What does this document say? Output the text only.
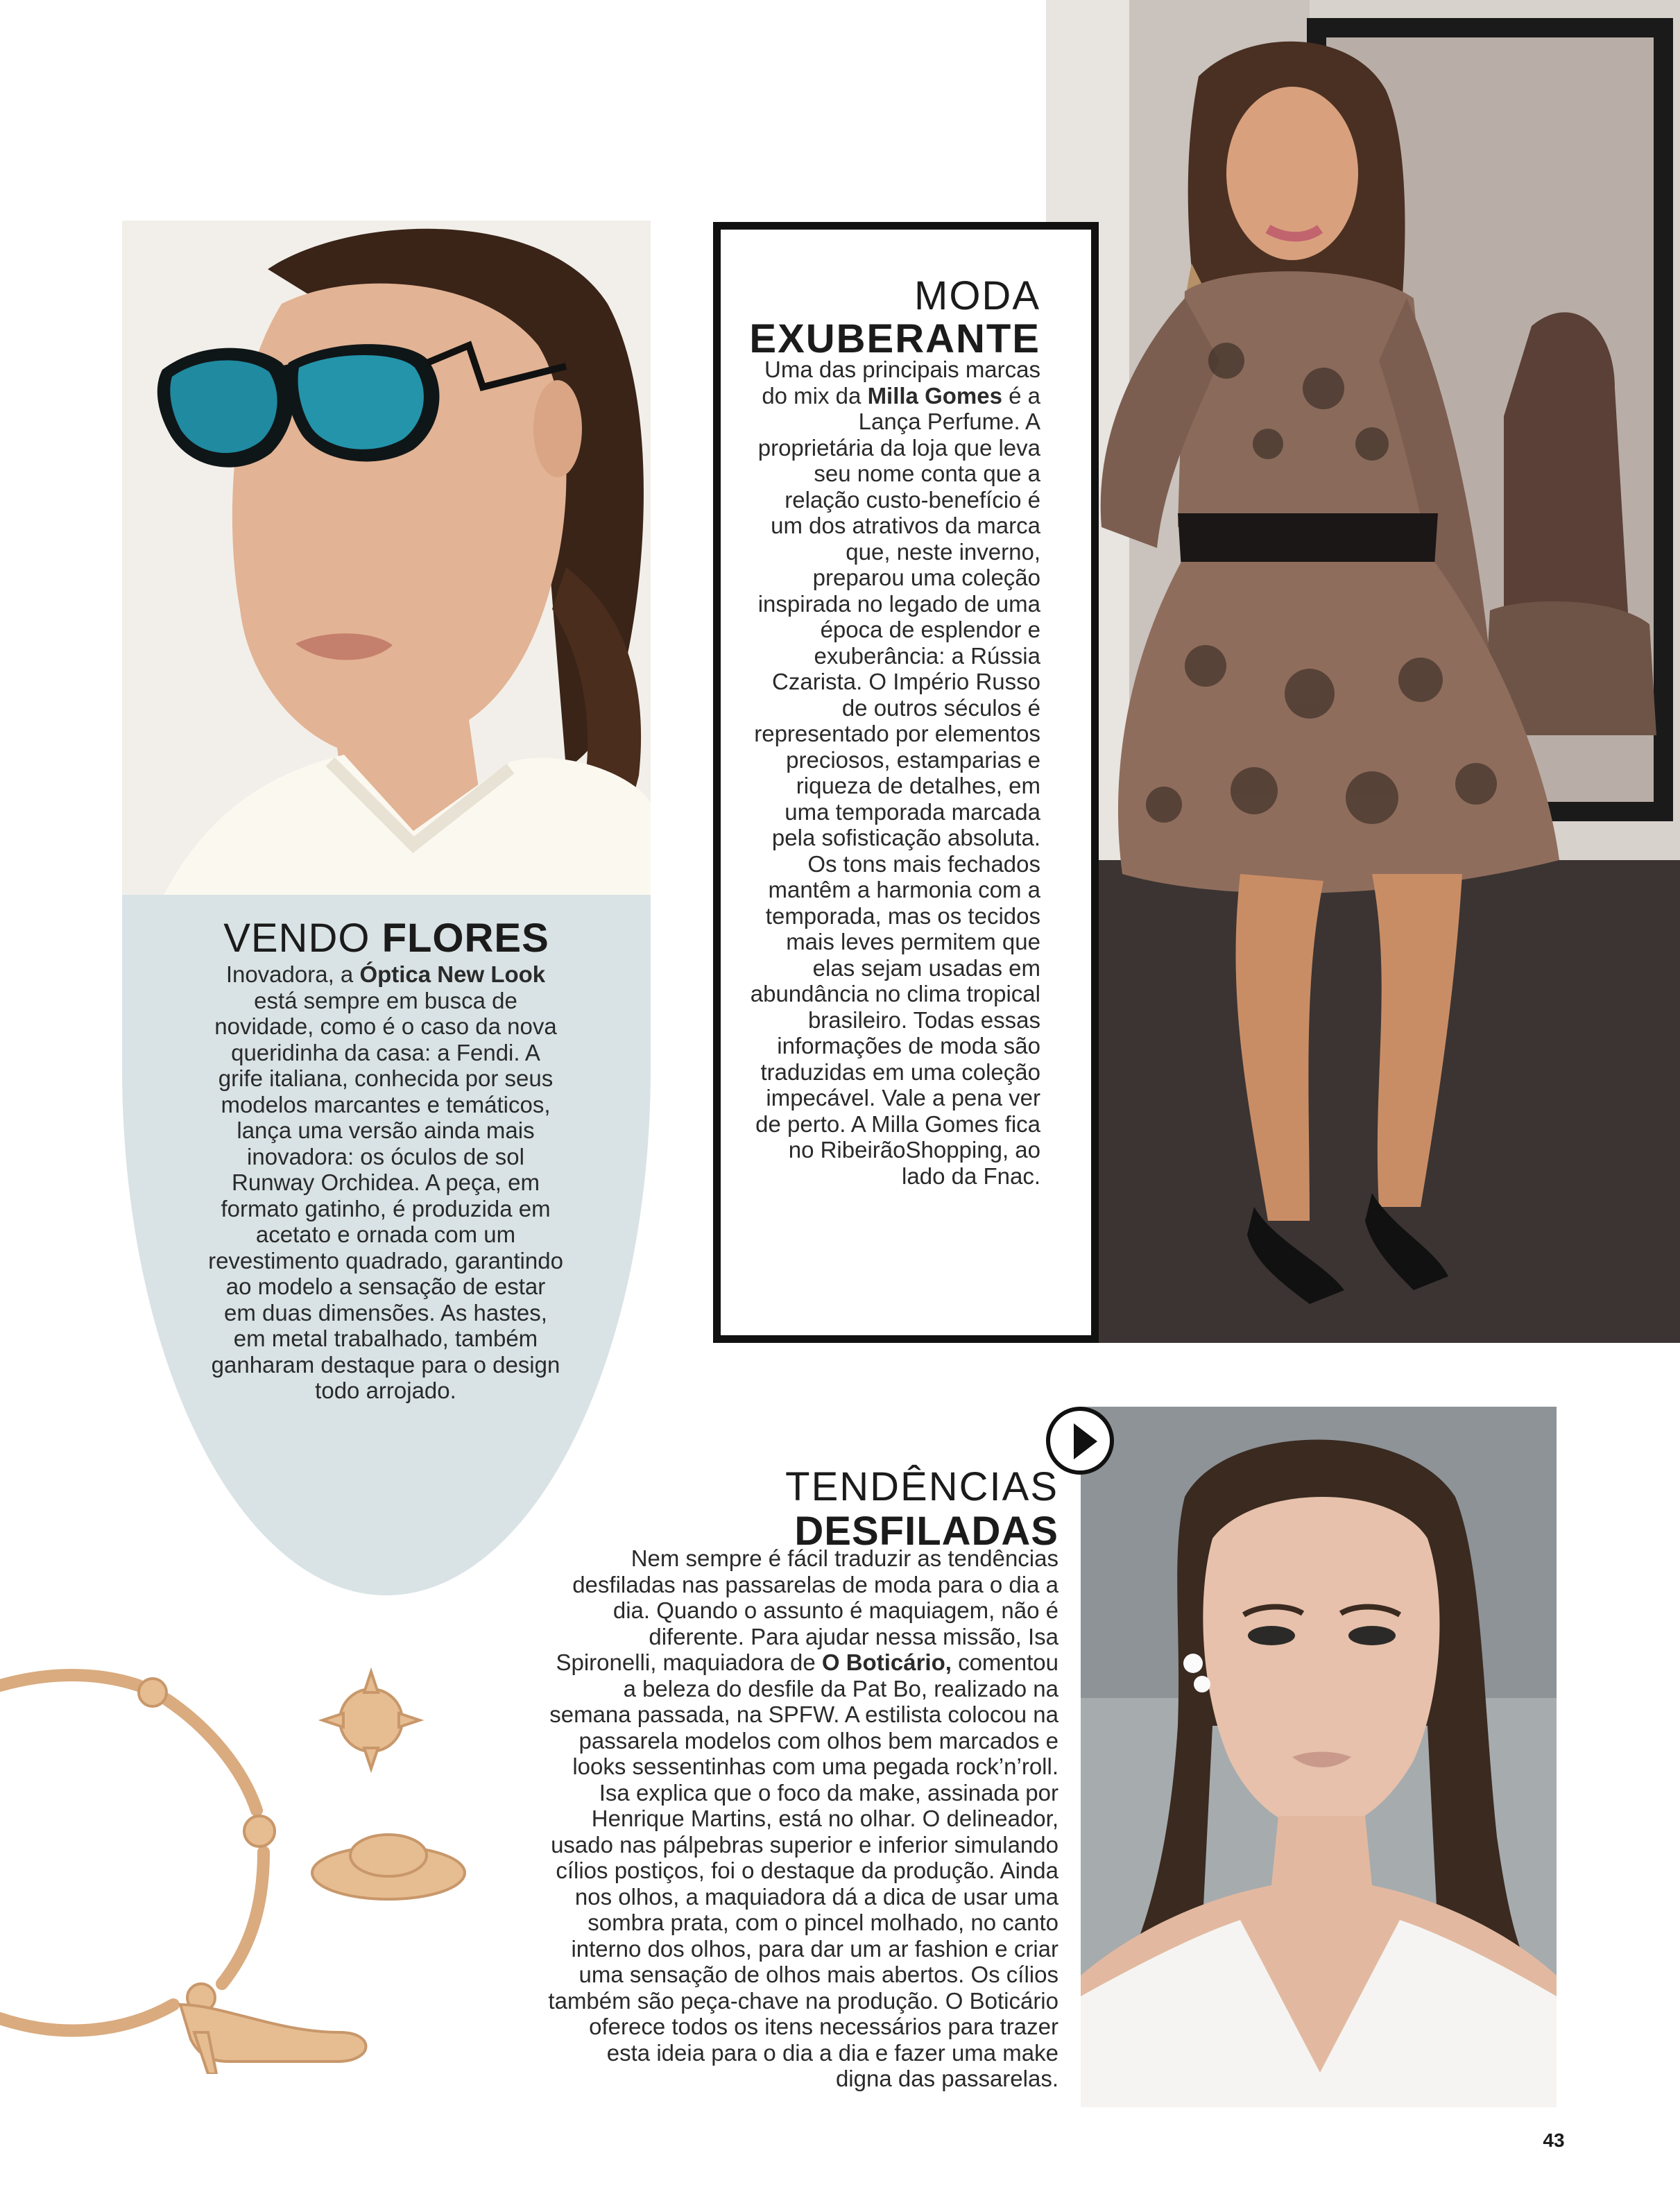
VENDO FLORES
Inovadora, a Óptica New Look está sempre em busca de novidade, como é o caso da nova queridinha da casa: a Fendi. A grife italiana, conhecida por seus modelos marcantes e temáticos, lança uma versão ainda mais inovadora: os óculos de sol Runway Orchidea. A peça, em formato gatinho, é produzida em acetato e ornada com um revestimento quadrado, garantindo ao modelo a sensação de estar em duas dimensões. As hastes, em metal trabalhado, também ganharam destaque para o design todo arrojado.
MODA
EXUBERANTE
Uma das principais marcas do mix da Milla Gomes é a Lança Perfume. A proprietária da loja que leva seu nome conta que a relação custo-benefício é um dos atrativos da marca que, neste inverno, preparou uma coleção inspirada no legado de uma época de esplendor e exuberância: a Rússia Czarista. O Império Russo de outros séculos é representado por elementos preciosos, estamparias e riqueza de detalhes, em uma temporada marcada pela sofisticação absoluta. Os tons mais fechados mantêm a harmonia com a temporada, mas os tecidos mais leves permitem que elas sejam usadas em abundância no clima tropical brasileiro. Todas essas informações de moda são traduzidas em uma coleção impecável. Vale a pena ver de perto. A Milla Gomes fica no RibeirãoShopping, ao lado da Fnac.
TENDÊNCIAS
DESFILADAS
Nem sempre é fácil traduzir as tendências desfiladas nas passarelas de moda para o dia a dia. Quando o assunto é maquiagem, não é diferente. Para ajudar nessa missão, Isa Spironelli, maquiadora de O Boticário, comentou a beleza do desfile da Pat Bo, realizado na semana passada, na SPFW. A estilista colocou na passarela modelos com olhos bem marcados e looks sessentinhas com uma pegada rock’n’roll. Isa explica que o foco da make, assinada por Henrique Martins, está no olhar. O delineador, usado nas pálpebras superior e inferior simulando cílios postiços, foi o destaque da produção. Ainda nos olhos, a maquiadora dá a dica de usar uma sombra prata, com o pincel molhado, no canto interno dos olhos, para dar um ar fashion e criar uma sensação de olhos mais abertos. Os cílios também são peça-chave na produção. O Boticário oferece todos os itens necessários para trazer esta ideia para o dia a dia e fazer uma make digna das passarelas.
43
